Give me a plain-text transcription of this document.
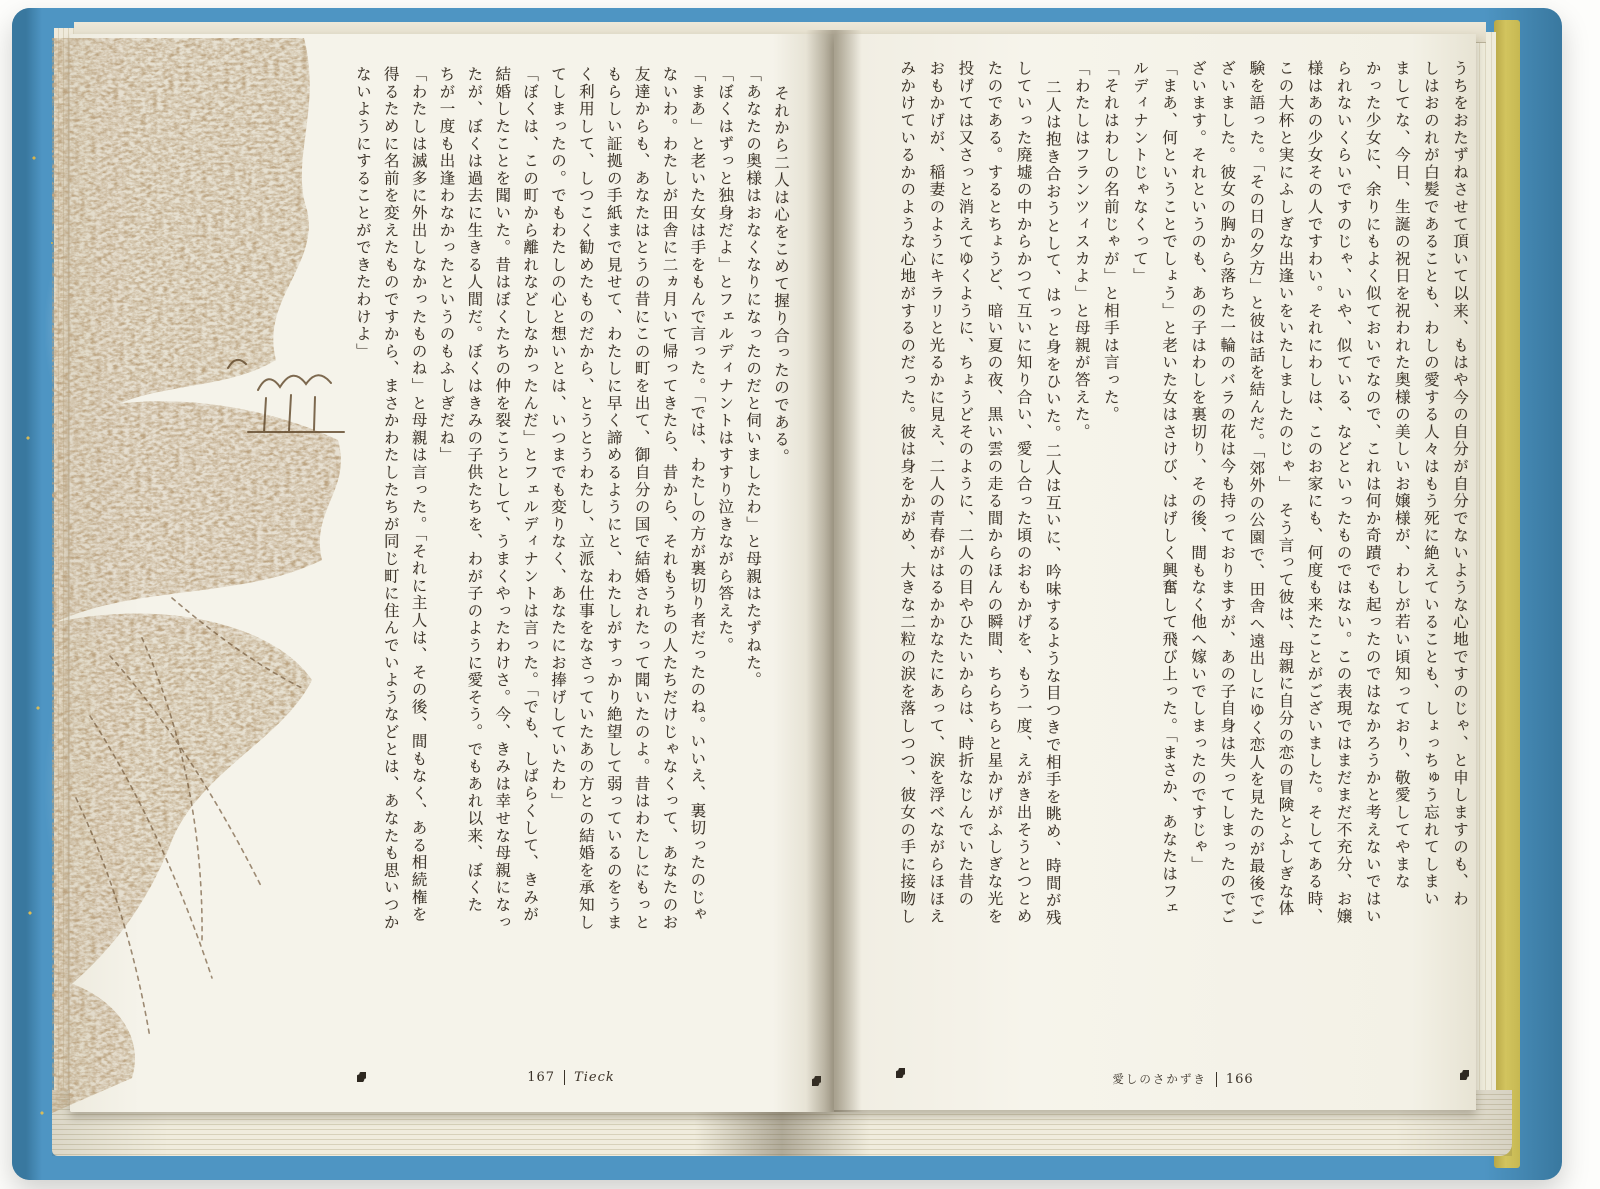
それから二人は心をこめて握り合ったのである。
「あなたの奥様はおなくなりになったのだと伺いましたわ」と母親はたずねた。
「ぼくはずっと独身だよ」とフェルディナントはすすり泣きながら答えた。
「まあ」と老いた女は手をもんで言った。「では、わたしの方が裏切り者だったのね。いいえ、裏切ったのじゃ
ないわ。わたしが田舎に二ヵ月いて帰ってきたら、昔から、それもうちの人たちだけじゃなくって、あなたのお
友達からも、あなたはとうの昔にこの町を出て、御自分の国で結婚されたって聞いたのよ。昔はわたしにもっと
もらしい証拠の手紙まで見せて、わたしに早く諦めるようにと、わたしがすっかり絶望して弱っているのをうま
く利用して、しつこく勧めたものだから、とうとうわたし、立派な仕事をなさっていたあの方との結婚を承知し
てしまったの。でもわたしの心と想いとは、いつまでも変りなく、あなたにお捧げしていたわ」
「ぼくは、この町から離れなどしなかったんだ」とフェルディナントは言った。「でも、しばらくして、きみが
結婚したことを聞いた。昔はぼくたちの仲を裂こうとして、うまくやったわけさ。今、きみは幸せな母親になっ
たが、ぼくは過去に生きる人間だ。ぼくはきみの子供たちを、わが子のように愛そう。でもあれ以来、ぼくた
ちが一度も出逢わなかったというのもふしぎだね」
「わたしは滅多に外出しなかったものね」と母親は言った。「それに主人は、その後、間もなく、ある相続権を
得るために名前を変えたものですから、まさかわたしたちが同じ町に住んでいようなどとは、あなたも思いつか
ないようにすることができたわけよ」
167 Tieck
うちをおたずねさせて頂いて以来、もはや今の自分が自分でないような心地ですのじゃ、と申しますのも、わ
しはおのれが白髪であることも、わしの愛する人々はもう死に絶えていることも、しょっちゅう忘れてしまい
ましてな、今日、生誕の祝日を祝われた奥様の美しいお嬢様が、わしが若い頃知っており、敬愛してやまな
かった少女に、余りにもよく似ておいでなので、これは何か奇蹟でも起ったのではなかろうかと考えないではい
られないくらいですのじゃ、いや、似ている、などといったものではない。この表現ではまだまだ不充分、お嬢
様はあの少女その人ですわい。それにわしは、このお家にも、何度も来たことがございました。そしてある時、
この大杯と実にふしぎな出逢いをいたしましたのじゃ」　そう言って彼は、母親に自分の恋の冒険とふしぎな体
験を語った。「その日の夕方」と彼は話を結んだ。「郊外の公園で、田舎へ遠出しにゆく恋人を見たのが最後でご
ざいました。彼女の胸から落ちた一輪のバラの花は今も持っておりますが、あの子自身は失ってしまったのでご
ざいます。それというのも、あの子はわしを裏切り、その後、間もなく他へ嫁いでしまったのですじゃ」
「まあ、何ということでしょう」と老いた女はさけび、はげしく興奮して飛び上った。「まさか、あなたはフェ
ルディナントじゃなくって」
「それはわしの名前じゃが」と相手は言った。
「わたしはフランツィスカよ」と母親が答えた。
二人は抱き合おうとして、はっと身をひいた。二人は互いに、吟味するような目つきで相手を眺め、時間が残
していった廃墟の中からかつて互いに知り合い、愛し合った頃のおもかげを、もう一度、えがき出そうとつとめ
たのである。するとちょうど、暗い夏の夜、黒い雲の走る間からほんの瞬間、ちらちらと星かげがふしぎな光を
投げては又さっと消えてゆくように、ちょうどそのように、二人の目やひたいからは、時折なじんでいた昔の
おもかげが、稲妻のようにキラリと光るかに見え、二人の青春がはるかかなたにあって、涙を浮べながらほほえ
みかけているかのような心地がするのだった。彼は身をかがめ、大きな二粒の涙を落しつつ、彼女の手に接吻し
愛しのさかずき 166
